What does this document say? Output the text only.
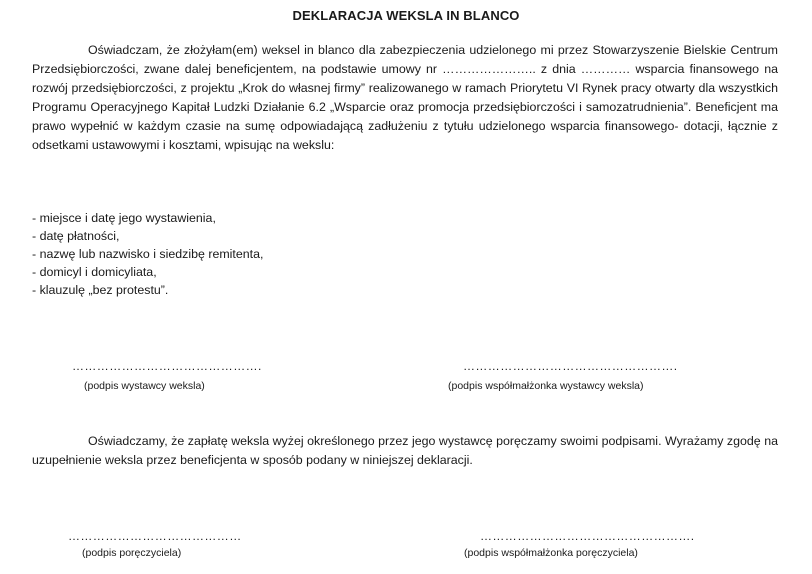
DEKLARACJA WEKSLA IN BLANCO

Oświadczam, że złożyłam(em) weksel in blanco dla zabezpieczenia udzielonego mi przez Stowarzyszenie Bielskie Centrum Przedsiębiorczości, zwane dalej beneficjentem, na podstawie umowy nr ………………….. z dnia ………… wsparcia finansowego na rozwój przedsiębiorczości, z projektu „Krok do własnej firmy” realizowanego w ramach Priorytetu VI Rynek pracy otwarty dla wszystkich Programu Operacyjnego Kapitał Ludzki Działanie 6.2 „Wsparcie oraz promocja przedsiębiorczości i samozatrudnienia”. Beneficjent ma prawo wypełnić w każdym czasie na sumę odpowiadającą zadłużeniu z tytułu udzielonego wsparcia finansowego- dotacji, łącznie z odsetkami ustawowymi i kosztami, wpisując na wekslu:

- miejsce i datę jego wystawienia,
- datę płatności,
- nazwę lub nazwisko i siedzibę remitenta,
- domicyl i domicyliata,
- klauzulę „bez protestu”.
……………………………………….
(podpis wystawcy weksla)
…………………………………………….
(podpis współmałżonka wystawcy weksla)

Oświadczamy, że zapłatę weksla wyżej określonego przez jego wystawcę poręczamy swoimi podpisami. Wyrażamy zgodę na uzupełnienie weksla przez beneficjenta w sposób podany w niniejszej deklaracji.

……………………………………
(podpis poręczyciela)
…………………………………………….
(podpis współmałżonka poręczyciela)
